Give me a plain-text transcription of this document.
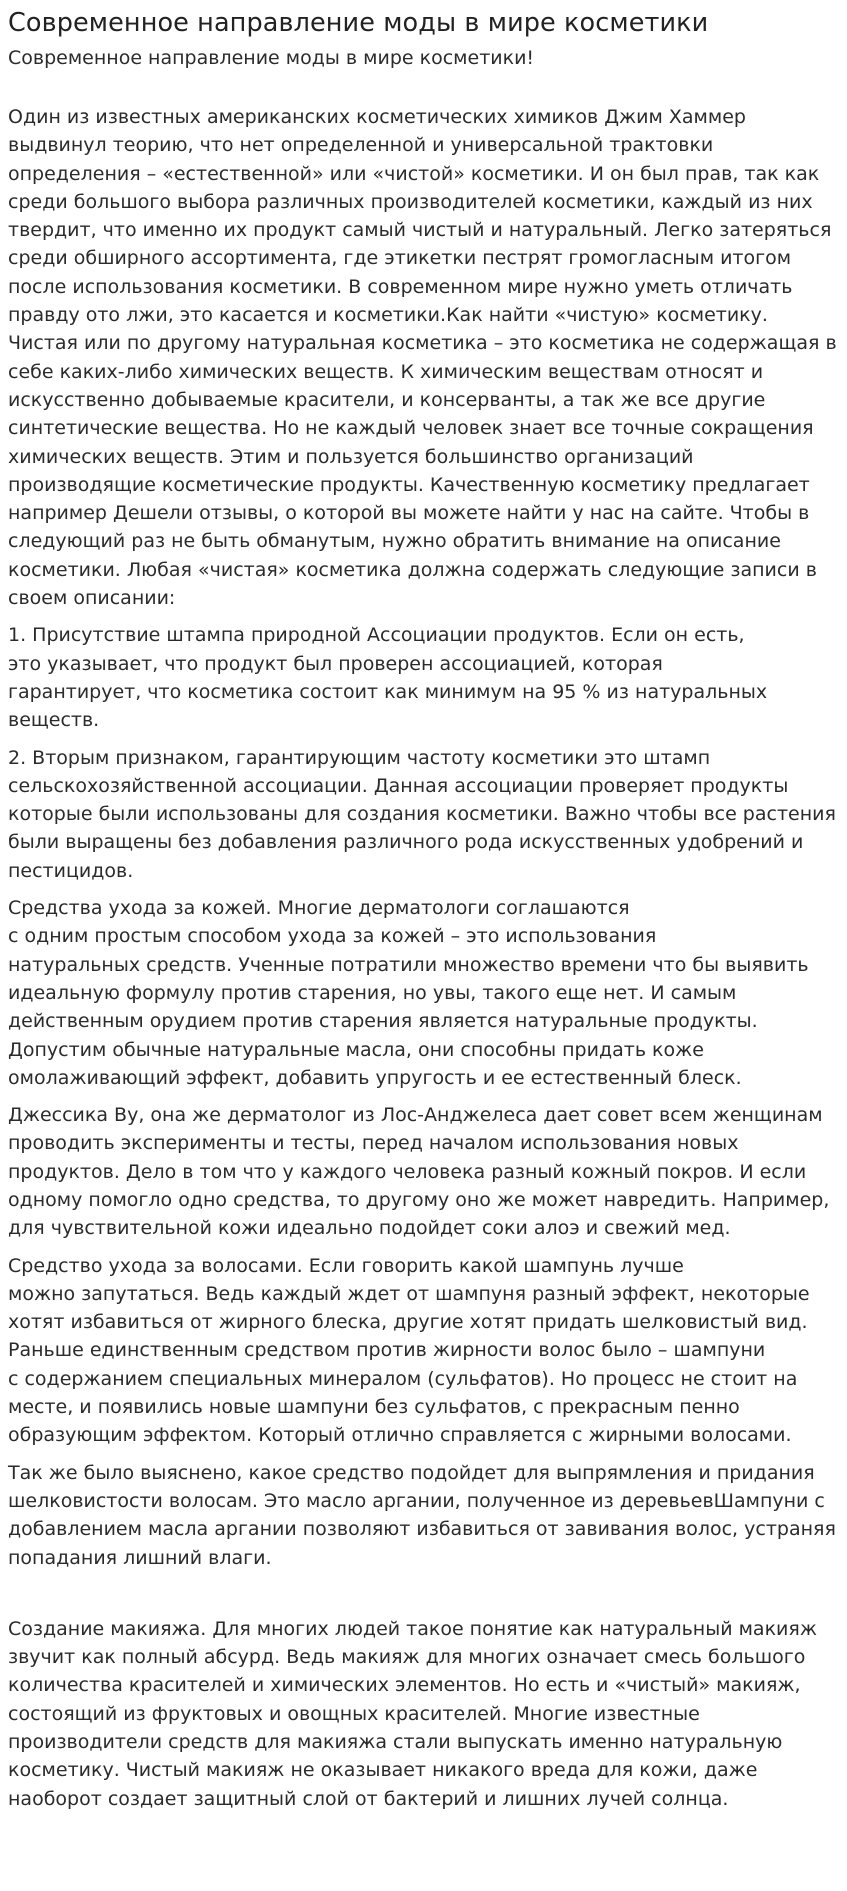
Современное направление моды в мире косметики

Современное направление моды в мире косметики!

Один из известных американских косметических химиков Джим Хаммер
выдвинул теорию, что нет определенной и универсальной трактовки
определения – «естественной» или «чистой» косметики. И он был прав, так как
среди большого выбора различных производителей косметики, каждый из них
твердит, что именно их продукт самый чистый и натуральный. Легко затеряться
среди обширного ассортимента, где этикетки пестрят громогласным итогом
после использования косметики. В современном мире нужно уметь отличать
правду ото лжи, это касается и косметики.Как найти «чистую» косметику.
Чистая или по другому натуральная косметика – это косметика не содержащая в
себе каких-либо химических веществ. К химическим веществам относят и
искусственно добываемые красители, и консерванты, а так же все другие
синтетические вещества. Но не каждый человек знает все точные сокращения
химических веществ. Этим и пользуется большинство организаций
производящие косметические продукты. Качественную косметику предлагает
например Дешели отзывы, о которой вы можете найти у нас на сайте. Чтобы в
следующий раз не быть обманутым, нужно обратить внимание на описание
косметики. Любая «чистая» косметика должна содержать следующие записи в
своем описании:

1. Присутствие штампа природной Ассоциации продуктов. Если он есть,
это указывает, что продукт был проверен ассоциацией, которая
гарантирует, что косметика состоит как минимум на 95 % из натуральных
веществ.

2. Вторым признаком, гарантирующим частоту косметики это штамп
сельскохозяйственной ассоциации. Данная ассоциации проверяет продукты
которые были использованы для создания косметики. Важно чтобы все растения
были выращены без добавления различного рода искусственных удобрений и
пестицидов.

Средства ухода за кожей. Многие дерматологи соглашаются
с одним простым способом ухода за кожей – это использования
натуральных средств. Ученные потратили множество времени что бы выявить
идеальную формулу против старения, но увы, такого еще нет. И самым
действенным орудием против старения является натуральные продукты.
Допустим обычные натуральные масла, они способны придать коже
омолаживающий эффект, добавить упругость и ее естественный блеск.

Джессика Ву, она же дерматолог из Лос-Анджелеса дает совет всем женщинам
проводить эксперименты и тесты, перед началом использования новых
продуктов. Дело в том что у каждого человека разный кожный покров. И если
одному помогло одно средства, то другому оно же может навредить. Например,
для чувствительной кожи идеально подойдет соки алоэ и свежий мед.

Средство ухода за волосами. Если говорить какой шампунь лучше
можно запутаться. Ведь каждый ждет от шампуня разный эффект, некоторые
хотят избавиться от жирного блеска, другие хотят придать шелковистый вид.
Раньше единственным средством против жирности волос было – шампуни
с содержанием специальных минералом (сульфатов). Но процесс не стоит на
месте, и появились новые шампуни без сульфатов, с прекрасным пенно
образующим эффектом. Который отлично справляется с жирными волосами.

Так же было выяснено, какое средство подойдет для выпрямления и придания
шелковистости волосам. Это масло аргании, полученное из деревьевШампуни с
добавлением масла аргании позволяют избавиться от завивания волос, устраняя
попадания лишний влаги.

Создание макияжа. Для многих людей такое понятие как натуральный макияж
звучит как полный абсурд. Ведь макияж для многих означает смесь большого
количества красителей и химических элементов. Но есть и «чистый» макияж,
состоящий из фруктовых и овощных красителей. Многие известные
производители средств для макияжа стали выпускать именно натуральную
косметику. Чистый макияж не оказывает никакого вреда для кожи, даже
наоборот создает защитный слой от бактерий и лишних лучей солнца.
